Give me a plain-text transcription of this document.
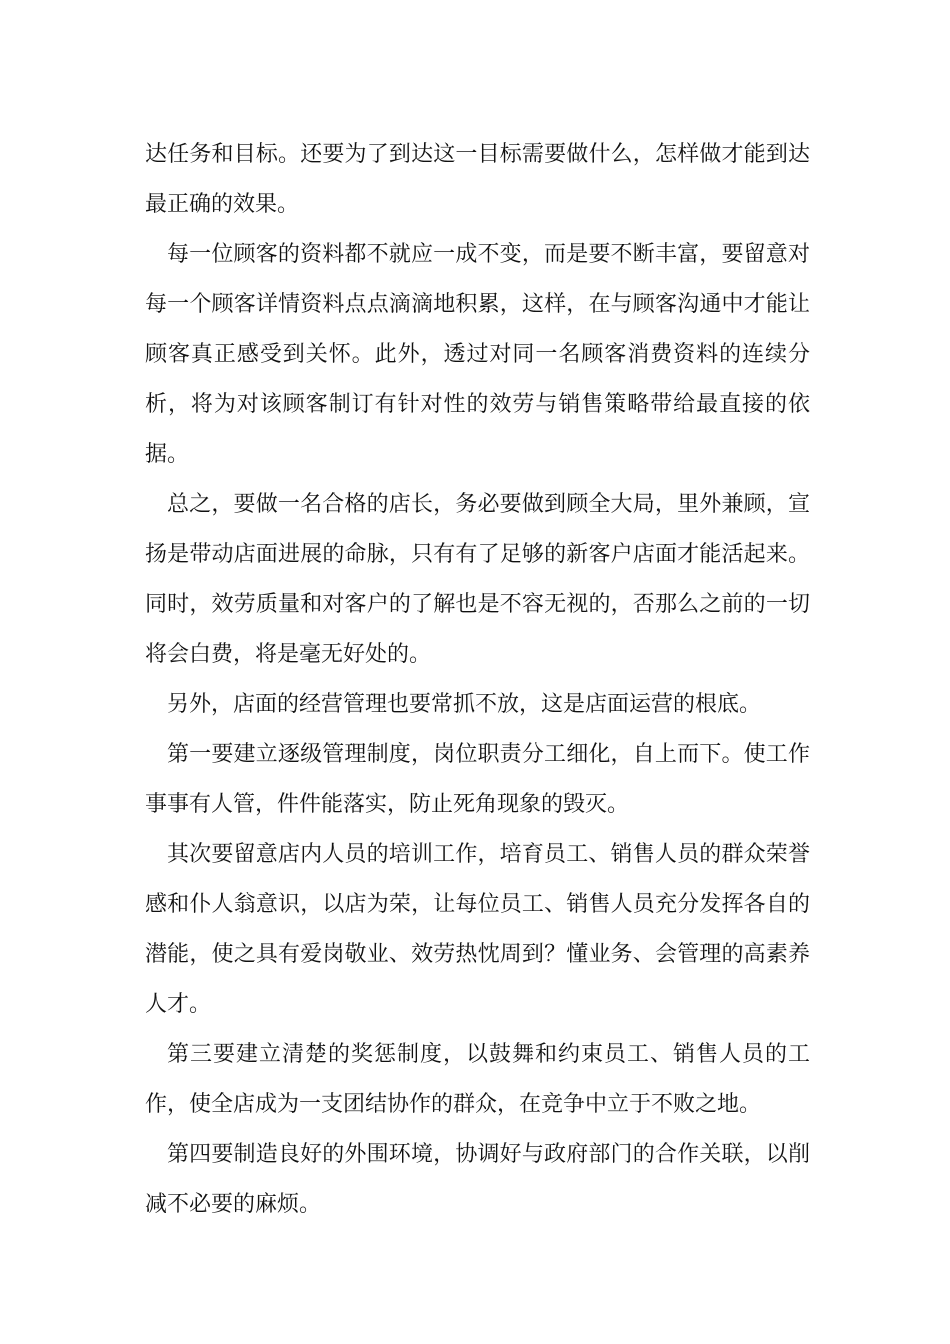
达任务和目标。还要为了到达这一目标需要做什么，怎样做才能到达最正确的效果。

每一位顾客的资料都不就应一成不变，而是要不断丰富，要留意对每一个顾客详情资料点点滴滴地积累，这样，在与顾客沟通中才能让顾客真正感受到关怀。此外，透过对同一名顾客消费资料的连续分析，将为对该顾客制订有针对性的效劳与销售策略带给最直接的依据。

总之，要做一名合格的店长，务必要做到顾全大局，里外兼顾，宣扬是带动店面进展的命脉，只有有了足够的新客户店面才能活起来。同时，效劳质量和对客户的了解也是不容无视的，否那么之前的一切将会白费，将是毫无好处的。

另外，店面的经营管理也要常抓不放，这是店面运营的根底。

第一要建立逐级管理制度，岗位职责分工细化，自上而下。使工作事事有人管，件件能落实，防止死角现象的毁灭。

其次要留意店内人员的培训工作，培育员工、销售人员的群众荣誉感和仆人翁意识，以店为荣，让每位员工、销售人员充分发挥各自的潜能，使之具有爱岗敬业、效劳热忱周到？懂业务、会管理的高素养人才。

第三要建立清楚的奖惩制度，以鼓舞和约束员工、销售人员的工作，使全店成为一支团结协作的群众，在竞争中立于不败之地。

第四要制造良好的外围环境，协调好与政府部门的合作关联，以削减不必要的麻烦。
